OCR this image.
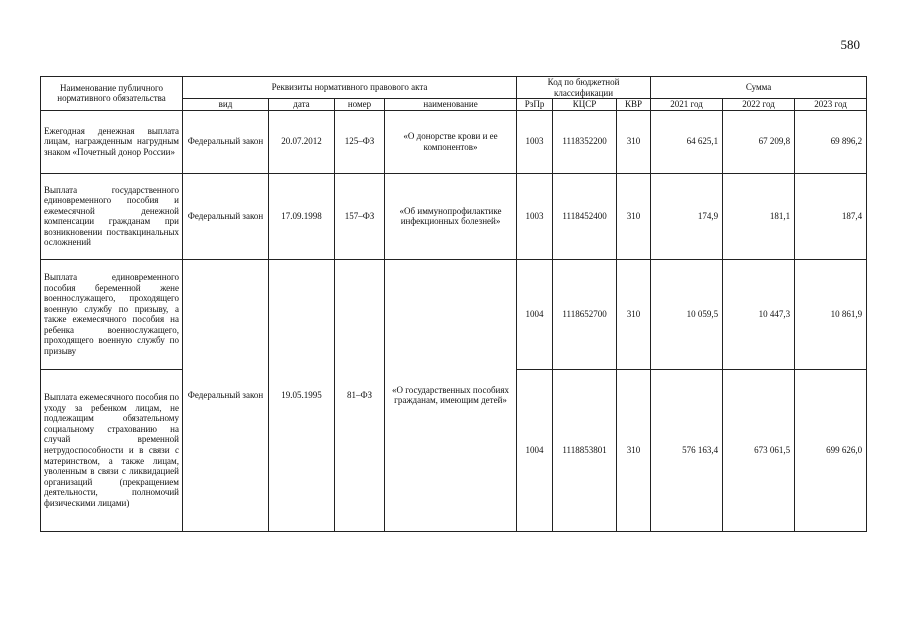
580
Наименование публичного нормативного обязательства	Реквизиты нормативного правового акта				Код по бюджетной классификации			Сумма		
	вид	дата	номер	наименование	РзПр	КЦСР	КВР	2021 год	2022 год	2023 год
Ежегодная денежная выплата лицам, награжденным нагрудным знаком «Почетный донор России»	Федеральный закон	20.07.2012	125–ФЗ	«О донорстве крови и ее компонентов»	1003	1118352200	310	64 625,1	67 209,8	69 896,2
Выплата государственного единовременного пособия и ежемесячной денежной компенсации гражданам при возникновении поствакцинальных осложнений	Федеральный закон	17.09.1998	157–ФЗ	«Об иммунопрофилактике инфекционных болезней»	1003	1118452400	310	174,9	181,1	187,4
Выплата единовременного пособия беременной жене военнослужащего, проходящего военную службу по призыву, а также ежемесячного пособия на ребенка военнослужащего, проходящего военную службу по призыву	Федеральный закон	19.05.1995	81–ФЗ	«О государственных пособиях гражданам, имеющим детей»	1004	1118652700	310	10 059,5	10 447,3	10 861,9
Выплата ежемесячного пособия по уходу за ребенком лицам, не подлежащим обязательному социальному страхованию на случай временной нетрудоспособности и в связи с материнством, а также лицам, уволенным в связи с ликвидацией организаций (прекращением деятельности, полномочий физическими лицами)					1004	1118853801	310	576 163,4	673 061,5	699 626,0
